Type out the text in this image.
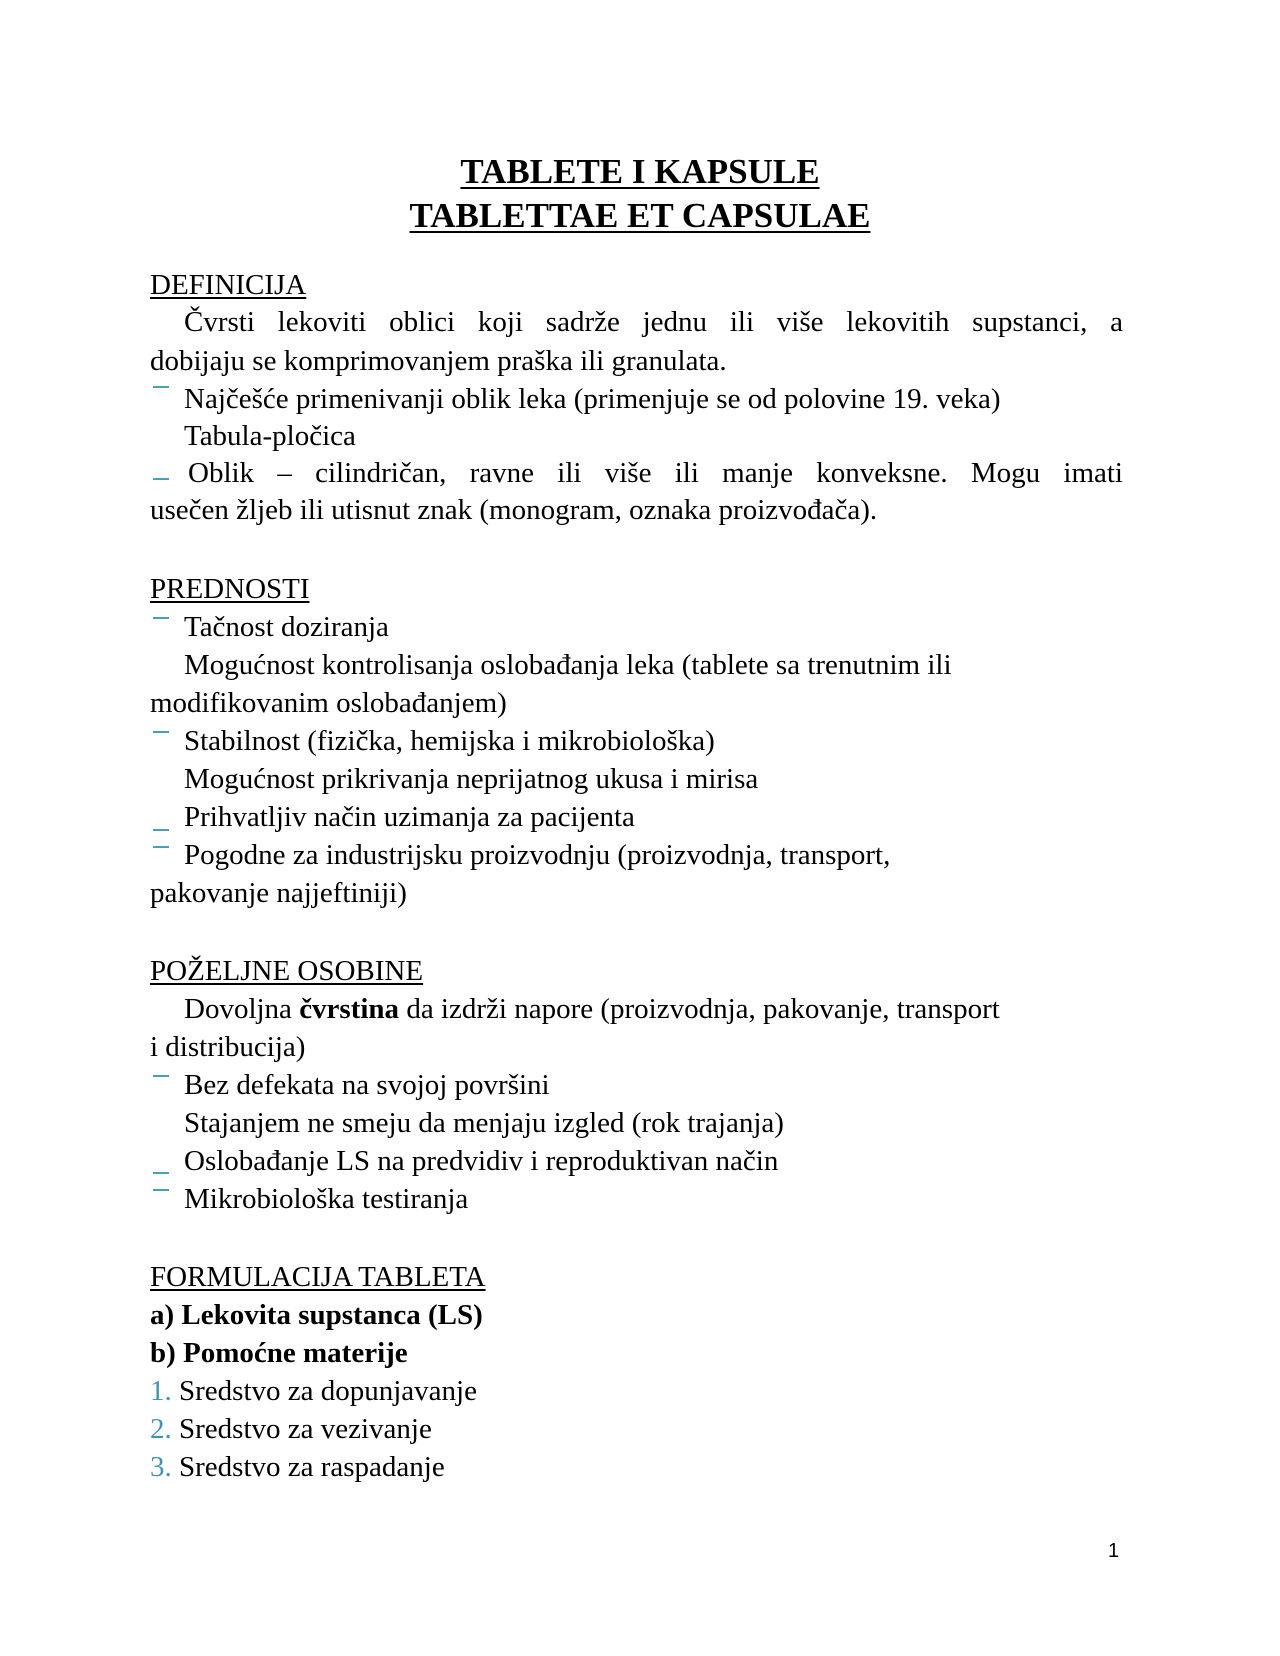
TABLETE I KAPSULE
TABLETTAE ET CAPSULAE
DEFINICIJA
Čvrsti lekoviti oblici koji sadrže jednu ili više lekovitih supstanci, a
dobijaju se komprimovanjem praška ili granulata.
Najčešće primenivanji oblik leka (primenjuje se od polovine 19. veka)
Tabula-pločica
Oblik – cilindričan, ravne ili više ili manje konveksne. Mogu imati
usečen žljeb ili utisnut znak (monogram, oznaka proizvođača).
PREDNOSTI
Tačnost doziranja
Mogućnost kontrolisanja oslobađanja leka (tablete sa trenutnim ili
modifikovanim oslobađanjem)
Stabilnost (fizička, hemijska i mikrobiološka)
Mogućnost prikrivanja neprijatnog ukusa i mirisa
Prihvatljiv način uzimanja za pacijenta
Pogodne za industrijsku proizvodnju (proizvodnja, transport,
pakovanje najjeftiniji)
POŽELJNE OSOBINE
Dovoljna čvrstina da izdrži napore (proizvodnja, pakovanje, transport
i distribucija)
Bez defekata na svojoj površini
Stajanjem ne smeju da menjaju izgled (rok trajanja)
Oslobađanje LS na predvidiv i reproduktivan način
Mikrobiološka testiranja
FORMULACIJA TABLETA
a) Lekovita supstanca (LS)
b) Pomoćne materije
1. Sredstvo za dopunjavanje
2. Sredstvo za vezivanje
3. Sredstvo za raspadanje
1
